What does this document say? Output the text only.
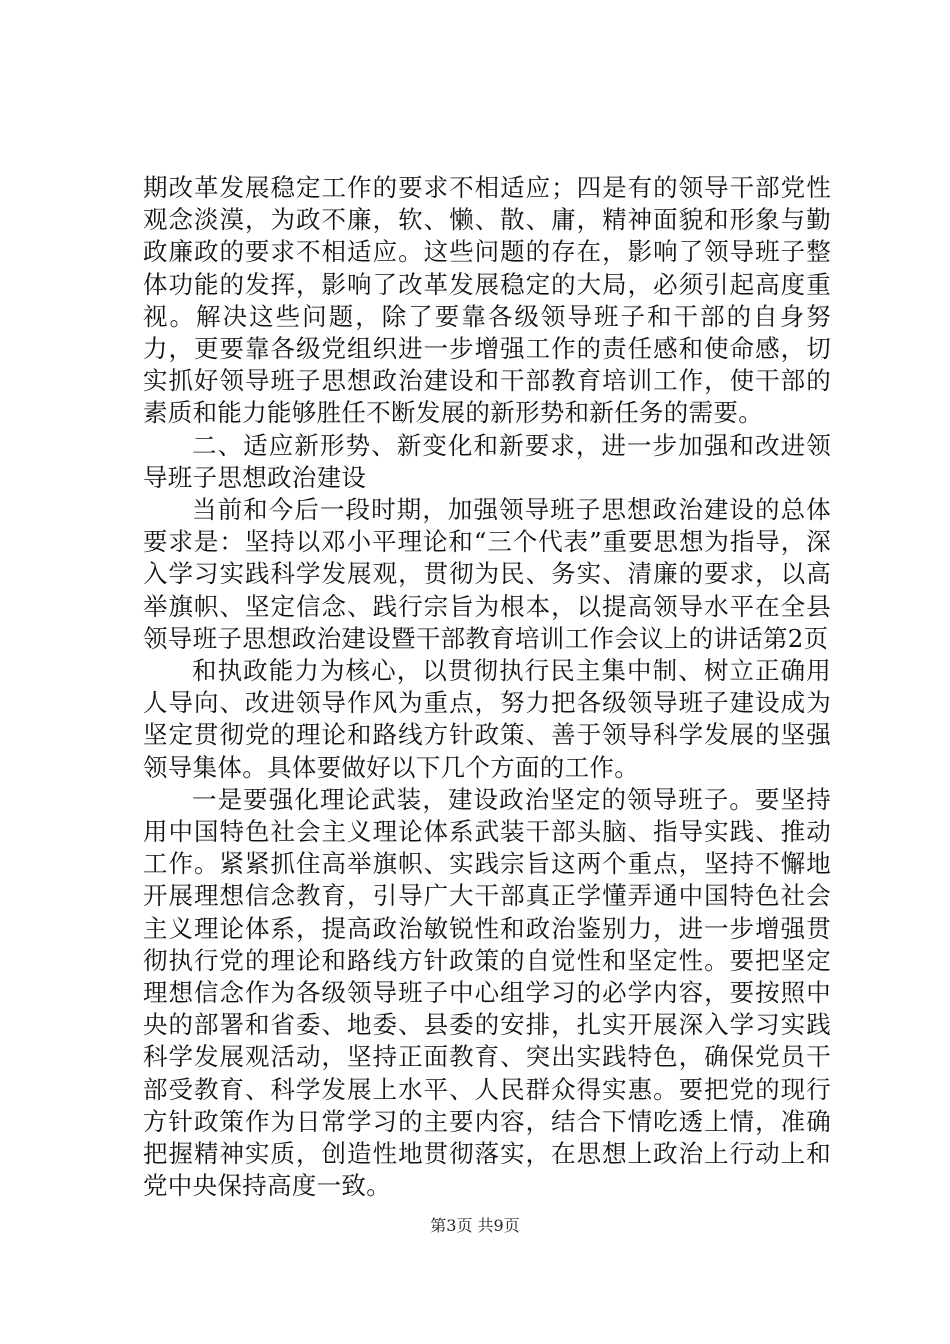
期改革发展稳定工作的要求不相适应；四是有的领导干部党性观念淡漠，为政不廉，软、懒、散、庸，精神面貌和形象与勤政廉政的要求不相适应。这些问题的存在，影响了领导班子整体功能的发挥，影响了改革发展稳定的大局，必须引起高度重视。解决这些问题，除了要靠各级领导班子和干部的自身努力，更要靠各级党组织进一步增强工作的责任感和使命感，切实抓好领导班子思想政治建设和干部教育培训工作，使干部的素质和能力能够胜任不断发展的新形势和新任务的需要。

二、适应新形势、新变化和新要求，进一步加强和改进领导班子思想政治建设

当前和今后一段时期，加强领导班子思想政治建设的总体要求是：坚持以邓小平理论和“三个代表”重要思想为指导，深入学习实践科学发展观，贯彻为民、务实、清廉的要求，以高举旗帜、坚定信念、践行宗旨为根本，以提高领导水平在全县领导班子思想政治建设暨干部教育培训工作会议上的讲话第2页

和执政能力为核心，以贯彻执行民主集中制、树立正确用人导向、改进领导作风为重点，努力把各级领导班子建设成为坚定贯彻党的理论和路线方针政策、善于领导科学发展的坚强领导集体。具体要做好以下几个方面的工作。

一是要强化理论武装，建设政治坚定的领导班子。要坚持用中国特色社会主义理论体系武装干部头脑、指导实践、推动工作。紧紧抓住高举旗帜、实践宗旨这两个重点，坚持不懈地开展理想信念教育，引导广大干部真正学懂弄通中国特色社会主义理论体系，提高政治敏锐性和政治鉴别力，进一步增强贯彻执行党的理论和路线方针政策的自觉性和坚定性。要把坚定理想信念作为各级领导班子中心组学习的必学内容，要按照中央的部署和省委、地委、县委的安排，扎实开展深入学习实践科学发展观活动，坚持正面教育、突出实践特色，确保党员干部受教育、科学发展上水平、人民群众得实惠。要把党的现行方针政策作为日常学习的主要内容，结合下情吃透上情，准确把握精神实质，创造性地贯彻落实，在思想上政治上行动上和党中央保持高度一致。

第3页 共9页
